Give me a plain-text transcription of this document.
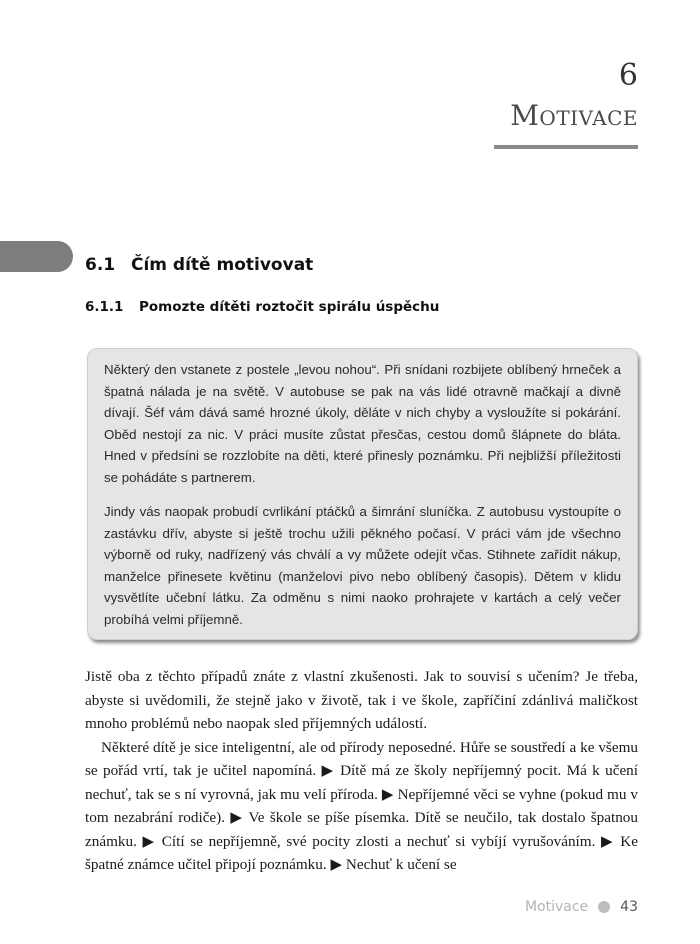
6
Motivace
6.1 Čím dítě motivovat
6.1.1 Pomozte dítěti roztočit spirálu úspěchu

Některý den vstanete z postele „levou nohou“. Při snídani rozbijete oblíbený hrneček a špatná nálada je na světě. V autobuse se pak na vás lidé otravně mačkají a divně dívají. Šéf vám dává samé hrozné úkoly, děláte v nich chyby a vysloužíte si pokárání. Oběd nestojí za nic. V práci musíte zůstat přesčas, cestou domů šlápnete do bláta. Hned v předsíni se rozzlobíte na děti, které přinesly poznámku. Při nejbližší příležitosti se pohádáte s partnerem.

Jindy vás naopak probudí cvrlikání ptáčků a šimrání sluníčka. Z autobusu vystoupíte o zastávku dřív, abyste si ještě trochu užili pěkného počasí. V práci vám jde všechno výborně od ruky, nadřízený vás chválí a vy můžete odejít včas. Stihnete zařídit nákup, manželce přinesete květinu (manželovi pivo nebo oblíbený časopis). Dětem v klidu vysvětlíte učební látku. Za odměnu s nimi naoko prohrajete v kartách a celý večer probíhá velmi příjemně.

Jistě oba z těchto případů znáte z vlastní zkušenosti. Jak to souvisí s učením? Je třeba, abyste si uvědomili, že stejně jako v životě, tak i ve škole, zapříčiní zdánlivá maličkost mnoho problémů nebo naopak sled příjemných událostí.

Některé dítě je sice inteligentní, ale od přírody neposedné. Hůře se soustředí a ke všemu se pořád vrtí, tak je učitel napomíná. ▶ Dítě má ze školy nepříjemný pocit. Má k učení nechuť, tak se s ní vyrovná, jak mu velí příroda. ▶ Nepříjemné věci se vyhne (pokud mu v tom nezabrání rodiče). ▶ Ve škole se píše písemka. Dítě se neučilo, tak dostalo špatnou známku. ▶ Cítí se nepříjemně, své pocity zlosti a nechuť si vybíjí vyrušováním. ▶ Ke špatné známce učitel připojí poznámku. ▶ Nechuť k učení se

Motivace 43
